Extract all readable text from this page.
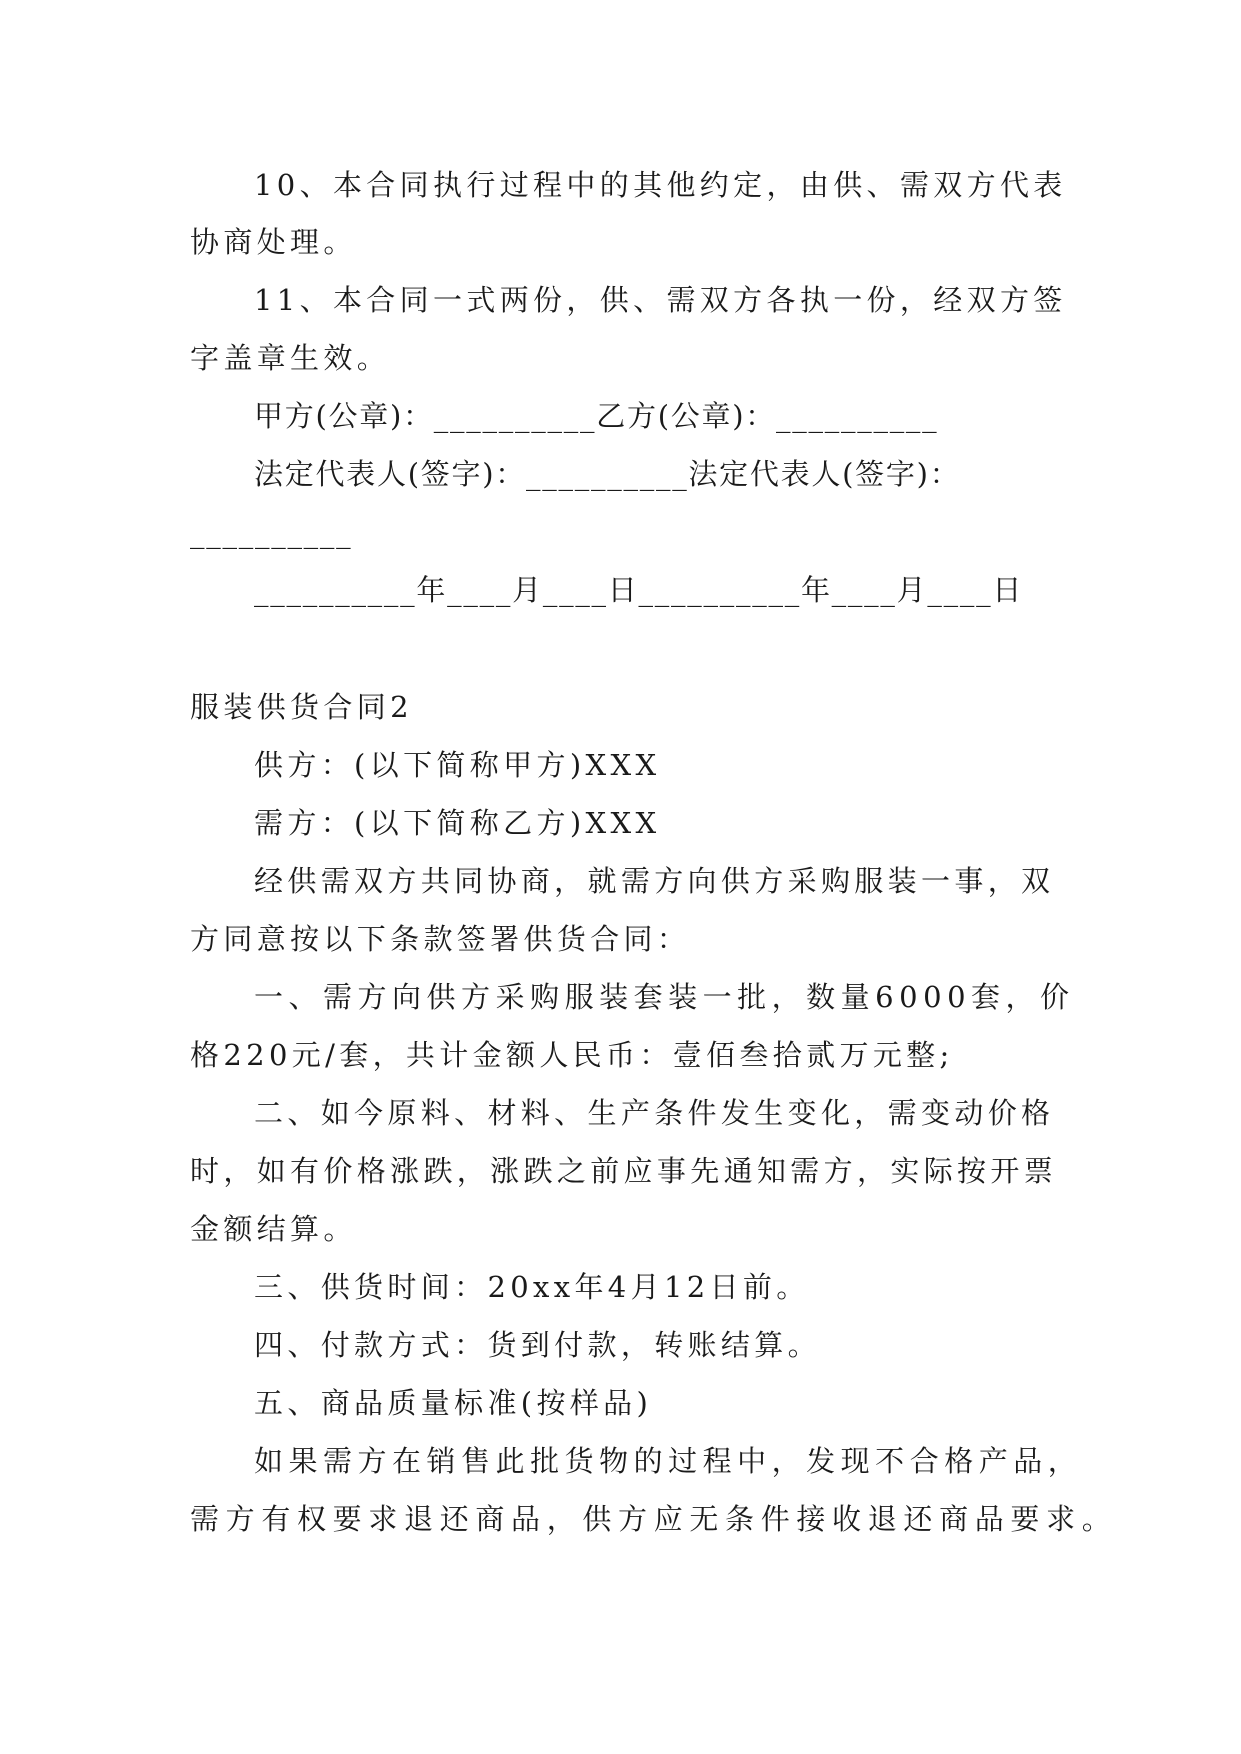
10、本合同执行过程中的其他约定，由供、需双方代表

协商处理。

11、本合同一式两份，供、需双方各执一份，经双方签

字盖章生效。

甲方(公章)：__________乙方(公章)：__________

法定代表人(签字)：__________法定代表人(签字)：

__________

__________年____月____日__________年____月____日

服装供货合同2

供方：(以下简称甲方)XXX

需方：(以下简称乙方)XXX

经供需双方共同协商，就需方向供方采购服装一事，双

方同意按以下条款签署供货合同：

一、需方向供方采购服装套装一批，数量6000套，价

格220元/套，共计金额人民币：壹佰叁拾贰万元整;

二、如今原料、材料、生产条件发生变化，需变动价格

时，如有价格涨跌，涨跌之前应事先通知需方，实际按开票

金额结算。

三、供货时间：20xx年4月12日前。

四、付款方式：货到付款，转账结算。

五、商品质量标准(按样品)

如果需方在销售此批货物的过程中，发现不合格产品，

需方有权要求退还商品，供方应无条件接收退还商品要求。
